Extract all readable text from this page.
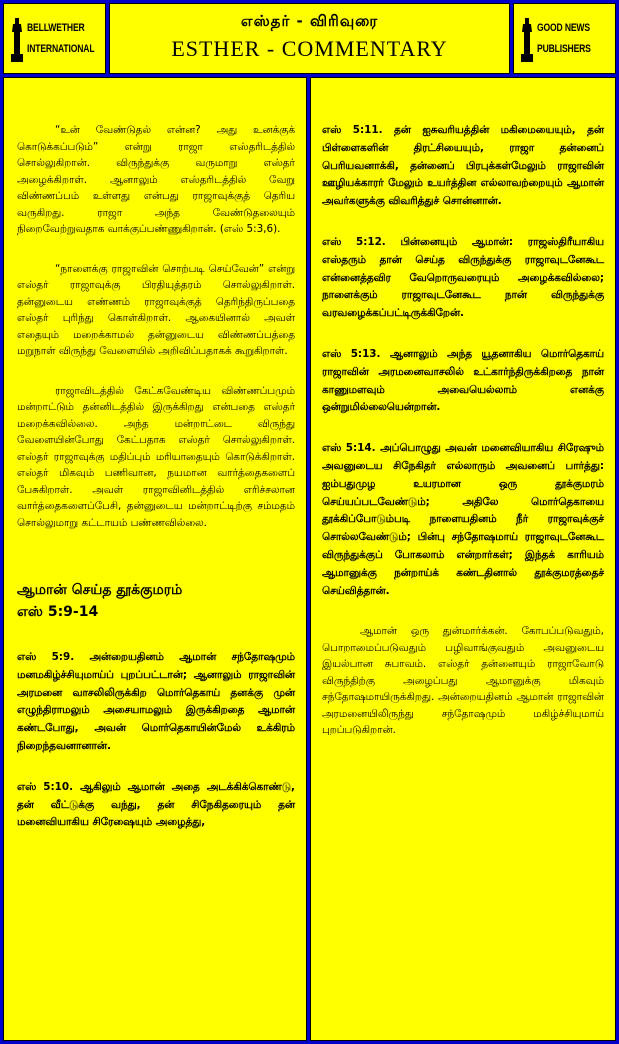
BELLWETHER
INTERNATIONAL
எஸ்தர் - விரிவுரை
ESTHER - COMMENTARY
GOOD NEWS
PUBLISHERS

“உன் வேண்டுதல் என்ன? அது உனக்குக் கொடுக்கப்படும்” என்று ராஜா எஸ்தரிடத்தில் சொல்லுகிறான். விருந்துக்கு வருமாறு எஸ்தர் அழைக்கிறாள். ஆனாலும் எஸ்தரிடத்தில் வேறு விண்ணப்பம் உள்ளது என்பது ராஜாவுக்குத் தெரிய வருகிறது. ராஜா அந்த வேண்டுதலையும் நிறைவேற்றுவதாக வாக்குப்பண்ணுகிறான். (எஸ் 5:3,6).

“நாளைக்கு ராஜாவின் சொற்படி செய்வேன்” என்று எஸ்தர் ராஜாவுக்கு பிரதியுத்தரம் சொல்லுகிறாள். தன்னுடைய எண்ணம் ராஜாவுக்குத் தெரிந்திருப்பதை எஸ்தர் புரிந்து கொள்கிறாள். ஆகையினால் அவள் எதையும் மறைக்காமல் தன்னுடைய விண்ணப்பத்தை மறுநாள் விருந்து வேளையில் அறிவிப்பதாகக் கூறுகிறாள்.

ராஜாவிடத்தில் கேட்கவேண்டிய விண்ணப்பமும் மன்றாட்டும் தன்னிடத்தில் இருக்கிறது என்பதை எஸ்தர் மறைக்கவில்லை. அந்த மன்றாட்டை விருந்து வேளையின்போது கேட்பதாக எஸ்தர் சொல்லுகிறாள். எஸ்தர் ராஜாவுக்கு மதிப்பும் மரியாதையும் கொடுக்கிறாள். எஸ்தர் மிகவும் பணிவான, நயமான வார்த்தைகளைப் பேசுகிறாள். அவள் ராஜாவினிடத்தில் எரிச்சலான வார்த்தைகளைப்பேசி, தன்னுடைய மன்றாட்டிற்கு சம்மதம் சொல்லுமாறு கட்டாயம் பண்ணவில்லை.

ஆமான் செய்த தூக்குமரம்
எஸ் 5:9-14

எஸ் 5:9. அன்றையதினம் ஆமான் சந்தோஷமும் மனமகிழ்ச்சியுமாய்ப் புறப்பட்டான்; ஆனாலும் ராஜாவின் அரமனை வாசலிலிருக்கிற மொர்தெகாய் தனக்கு முன் எழுந்திராமலும் அசையாமலும் இருக்கிறதை ஆமான் கண்டபோது, அவன் மொர்தெகாயின்மேல் உக்கிரம் நிறைந்தவனானான்.

எஸ் 5:10. ஆகிலும் ஆமான் அதை அடக்கிக்கொண்டு, தன் வீட்டுக்கு வந்து, தன் சிநேகிதரையும் தன் மனைவியாகிய சிரேஷையும் அழைத்து,

எஸ் 5:11. தன் ஐசுவரியத்தின் மகிமையையும், தன் பிள்ளைகளின் திரட்சியையும், ராஜா தன்னைப் பெரியவனாக்கி, தன்னைப் பிரபுக்கள்மேலும் ராஜாவின் ஊழியக்காரர் மேலும் உயர்த்தின எல்லாவற்றையும் ஆமான் அவர்களுக்கு விவரித்துச் சொன்னான்.

எஸ் 5:12. பின்னையும் ஆமான்: ராஜஸ்திரீயாகிய எஸ்தரும் தான் செய்த விருந்துக்கு ராஜாவுடனேகூட என்னைத்தவிர வேறொருவரையும் அழைக்கவில்லை; நாளைக்கும் ராஜாவுடனேகூட நான் விருந்துக்கு வரவழைக்கப்பட்டிருக்கிறேன்.

எஸ் 5:13. ஆனாலும் அந்த யூதனாகிய மொர்தெகாய் ராஜாவின் அரமனைவாசலில் உட்கார்ந்திருக்கிறதை நான் காணுமளவும் அவையெல்லாம் எனக்கு ஒன்றுமில்லையென்றான்.

எஸ் 5:14. அப்பொழுது அவன் மனைவியாகிய சிரேஷும் அவனுடைய சிநேகிதர் எல்லாரும் அவனைப் பார்த்து: ஐம்பதுமுழ உயரமான ஒரு தூக்குமரம் செய்யப்படவேண்டும்; அதிலே மொர்தெகாயை தூக்கிப்போடும்படி நாளையதினம் நீர் ராஜாவுக்குச் சொல்லவேண்டும்; பின்பு சந்தோஷமாய் ராஜாவுடனேகூட விருந்துக்குப் போகலாம் என்றார்கள்; இந்தக் காரியம் ஆமானுக்கு நன்றாய்க் கண்டதினால் தூக்குமரத்தைச் செய்வித்தான்.

ஆமான் ஒரு துன்மார்க்கன். கோபப்படுவதும், பொறாமைப்படுவதும் பழிவாங்குவதும் அவனுடைய இயல்பான சுபாவம். எஸ்தர் தன்னையும் ராஜாவோடு விருந்திற்கு அழைப்பது ஆமானுக்கு மிகவும் சந்தோஷமாயிருக்கிறது. அன்றையதினம் ஆமான் ராஜாவின் அரமனையிலிருந்து சந்தோஷமும் மகிழ்ச்சியுமாய் புறப்படுகிறான்.
